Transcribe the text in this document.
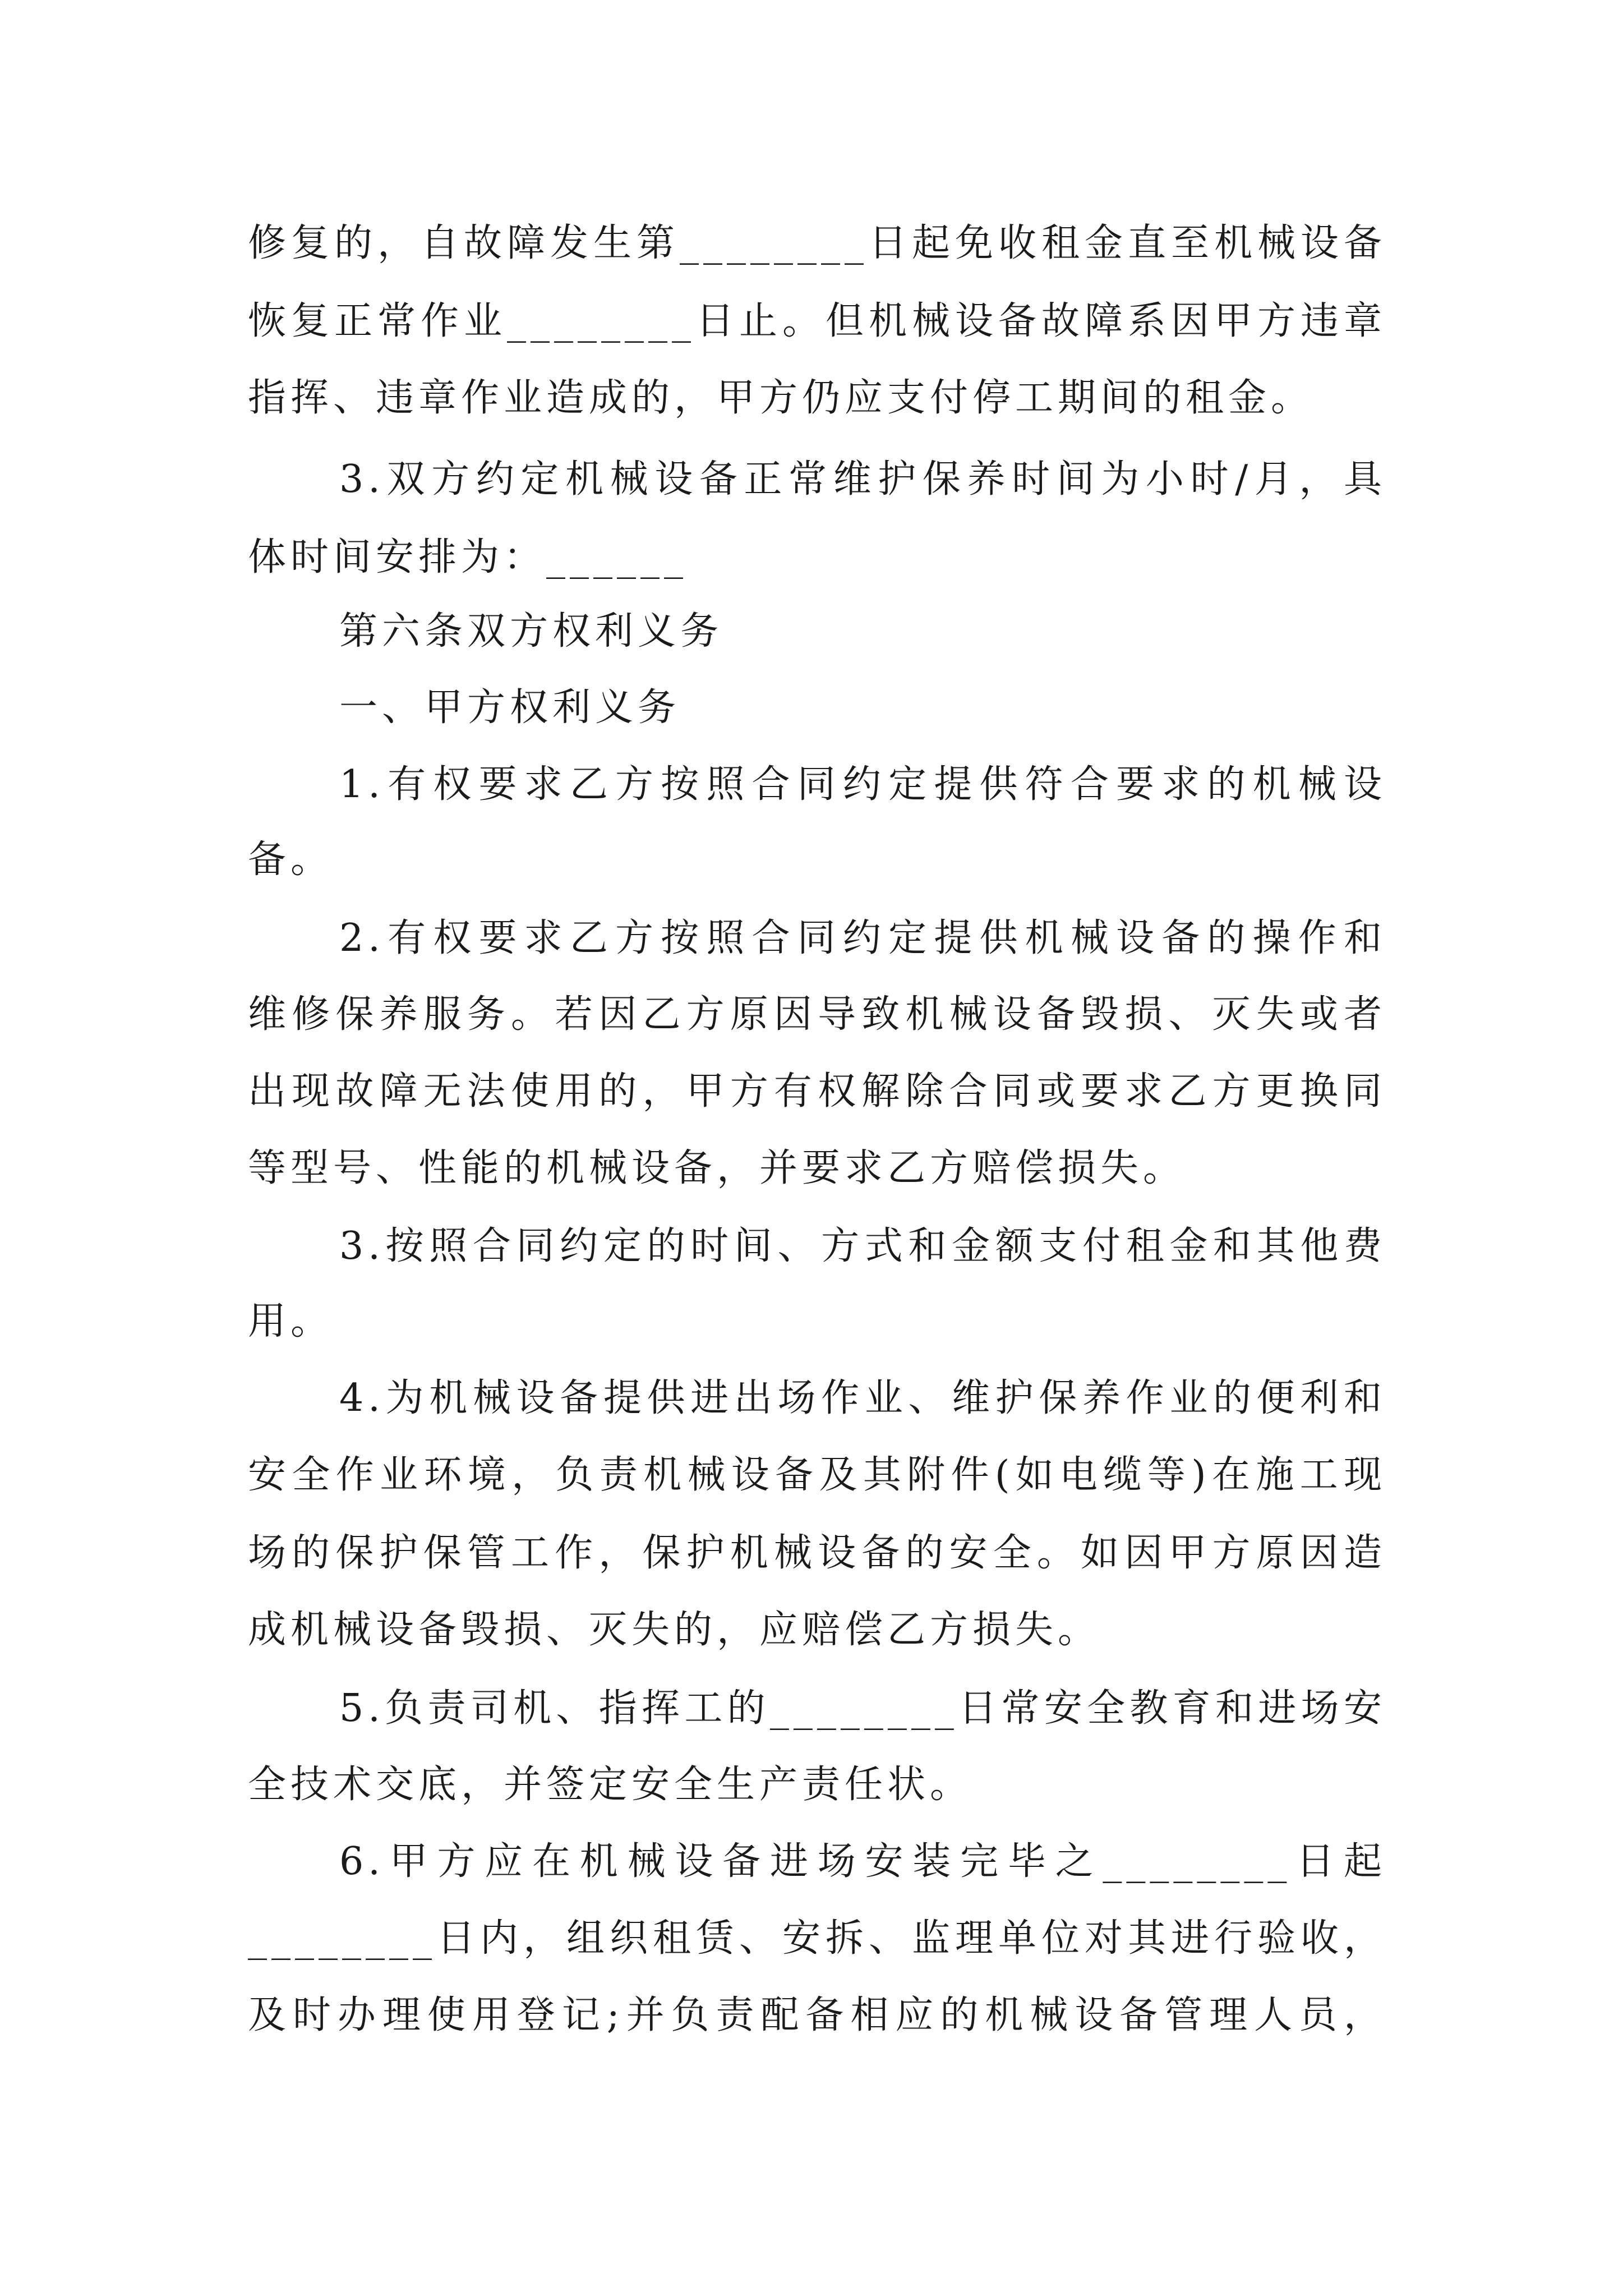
修复的，自故障发生第________日起免收租金直至机械设备
恢复正常作业________日止。但机械设备故障系因甲方违章
指挥、违章作业造成的，甲方仍应支付停工期间的租金。
3.双方约定机械设备正常维护保养时间为小时/月，具
体时间安排为：______
第六条双方权利义务
一、甲方权利义务
1.有权要求乙方按照合同约定提供符合要求的机械设
备。
2.有权要求乙方按照合同约定提供机械设备的操作和
维修保养服务。若因乙方原因导致机械设备毁损、灭失或者
出现故障无法使用的，甲方有权解除合同或要求乙方更换同
等型号、性能的机械设备，并要求乙方赔偿损失。
3.按照合同约定的时间、方式和金额支付租金和其他费
用。
4.为机械设备提供进出场作业、维护保养作业的便利和
安全作业环境，负责机械设备及其附件(如电缆等)在施工现
场的保护保管工作，保护机械设备的安全。如因甲方原因造
成机械设备毁损、灭失的，应赔偿乙方损失。
5.负责司机、指挥工的________日常安全教育和进场安
全技术交底，并签定安全生产责任状。
6.甲方应在机械设备进场安装完毕之________日起
________日内，组织租赁、安拆、监理单位对其进行验收，
及时办理使用登记;并负责配备相应的机械设备管理人员，
